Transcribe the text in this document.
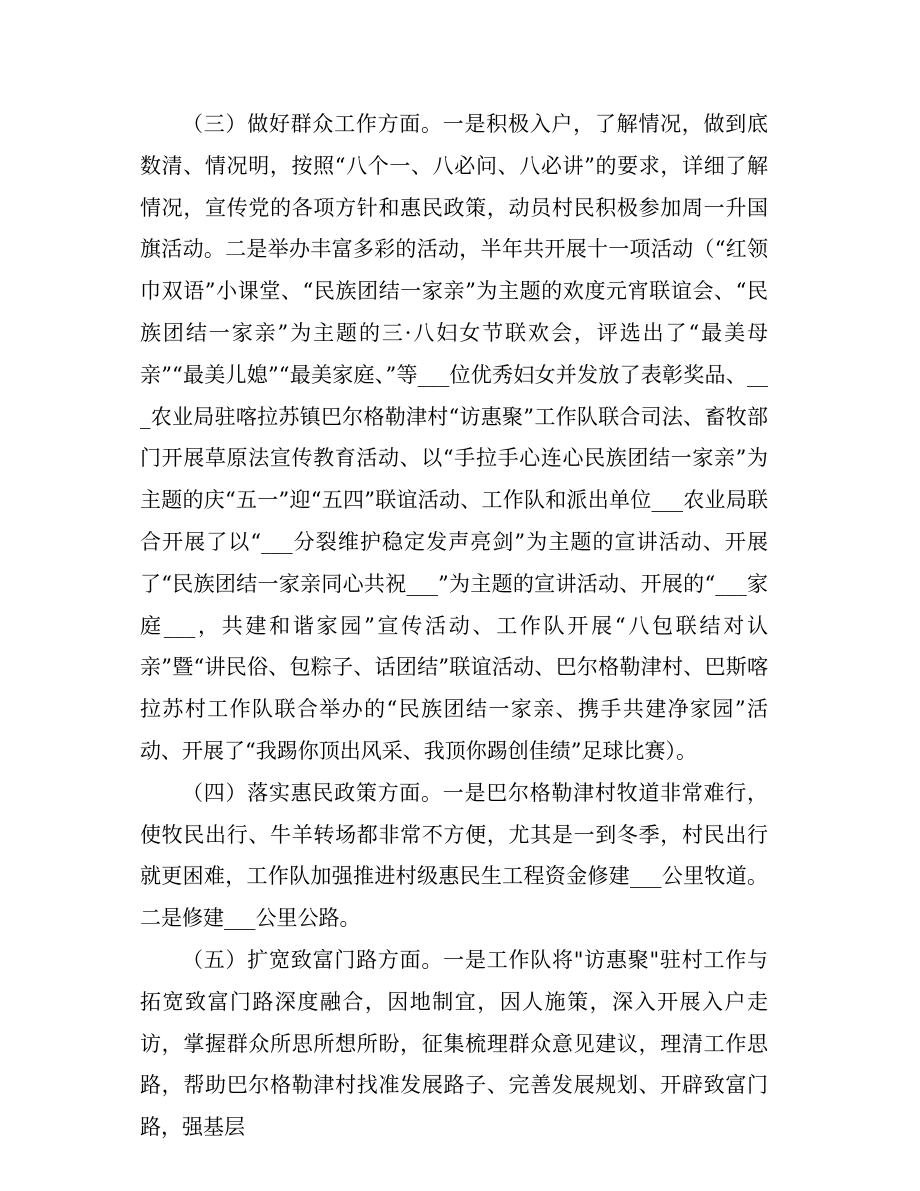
（三）做好群众工作方面。一是积极入户，了解情况，做到底数清、情况明，按照“八个一、八必问、八必讲”的要求，详细了解情况，宣传党的各项方针和惠民政策，动员村民积极参加周一升国旗活动。二是举办丰富多彩的活动，半年共开展十一项活动（“红领巾双语”小课堂、“民族团结一家亲”为主题的欢度元宵联谊会、“民族团结一家亲”为主题的三·八妇女节联欢会，评选出了“最美母亲”“最美儿媳”“最美家庭、”等___位优秀妇女并发放了表彰奖品、___农业局驻喀拉苏镇巴尔格勒津村“访惠聚”工作队联合司法、畜牧部门开展草原法宣传教育活动、以“手拉手心连心民族团结一家亲”为主题的庆“五一”迎“五四”联谊活动、工作队和派出单位___农业局联合开展了以“___分裂维护稳定发声亮剑”为主题的宣讲活动、开展了“民族团结一家亲同心共祝___”为主题的宣讲活动、开展的“___家庭___，共建和谐家园”宣传活动、工作队开展“八包联结对认亲”暨“讲民俗、包粽子、话团结”联谊活动、巴尔格勒津村、巴斯喀拉苏村工作队联合举办的“民族团结一家亲、携手共建净家园”活动、开展了“我踢你顶出风采、我顶你踢创佳绩”足球比赛）。

（四）落实惠民政策方面。一是巴尔格勒津村牧道非常难行，使牧民出行、牛羊转场都非常不方便，尤其是一到冬季，村民出行就更困难，工作队加强推进村级惠民生工程资金修建___公里牧道。二是修建___公里公路。

（五）扩宽致富门路方面。一是工作队将"访惠聚"驻村工作与拓宽致富门路深度融合，因地制宜，因人施策，深入开展入户走访，掌握群众所思所想所盼，征集梳理群众意见建议，理清工作思路，帮助巴尔格勒津村找准发展路子、完善发展规划、开辟致富门路，强基层
